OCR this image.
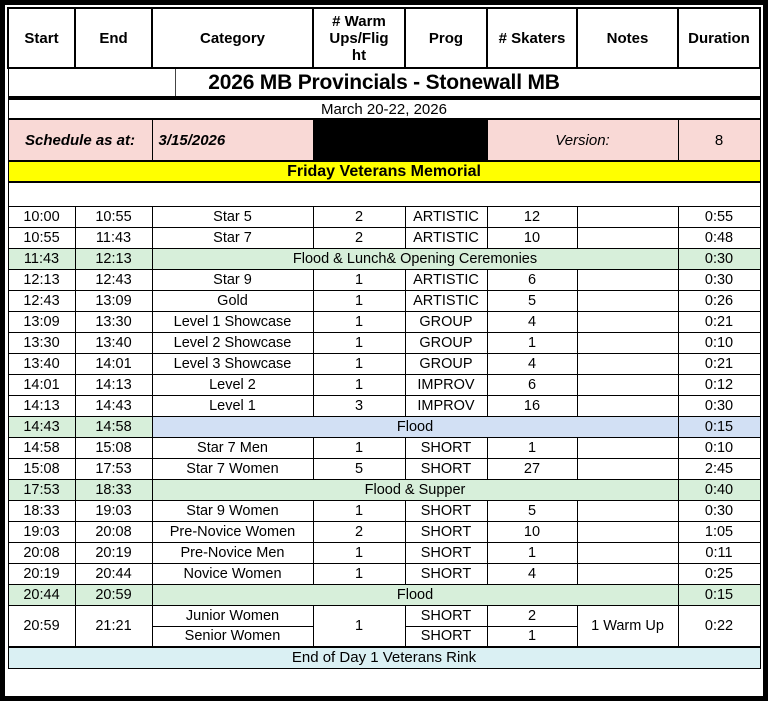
2026 MB Provincials - Stonewall MB							
March 20-22, 2026							
Schedule as at:		3/15/2026			Version:		8
Friday Veterans Memorial							

Start	End	Category	# Warm Ups/Flight	Prog	# Skaters	Notes	Duration
10:00	10:55	Star 5	2	ARTISTIC	12		0:55
10:55	11:43	Star 7	2	ARTISTIC	10		0:48
11:43	12:13	Flood & Lunch& Opening Ceremonies					0:30
12:13	12:43	Star 9	1	ARTISTIC	6		0:30
12:43	13:09	Gold	1	ARTISTIC	5		0:26
13:09	13:30	Level 1 Showcase	1	GROUP	4		0:21
13:30	13:40	Level 2 Showcase	1	GROUP	1		0:10
13:40	14:01	Level 3 Showcase	1	GROUP	4		0:21
14:01	14:13	Level 2	1	IMPROV	6		0:12
14:13	14:43	Level 1	3	IMPROV	16		0:30
14:43	14:58	Flood					0:15
14:58	15:08	Star 7 Men	1	SHORT	1		0:10
15:08	17:53	Star 7 Women	5	SHORT	27		2:45
17:53	18:33	Flood & Supper					0:40
18:33	19:03	Star 9 Women	1	SHORT	5		0:30
19:03	20:08	Pre-Novice Women	2	SHORT	10		1:05
20:08	20:19	Pre-Novice Men	1	SHORT	1		0:11
20:19	20:44	Novice Women	1	SHORT	4		0:25
20:44	20:59	Flood					0:15
20:59	21:21	Junior Women	1	SHORT	2	1 Warm Up	0:22
		Senior Women		SHORT	1		
End of Day 1 Veterans Rink							
